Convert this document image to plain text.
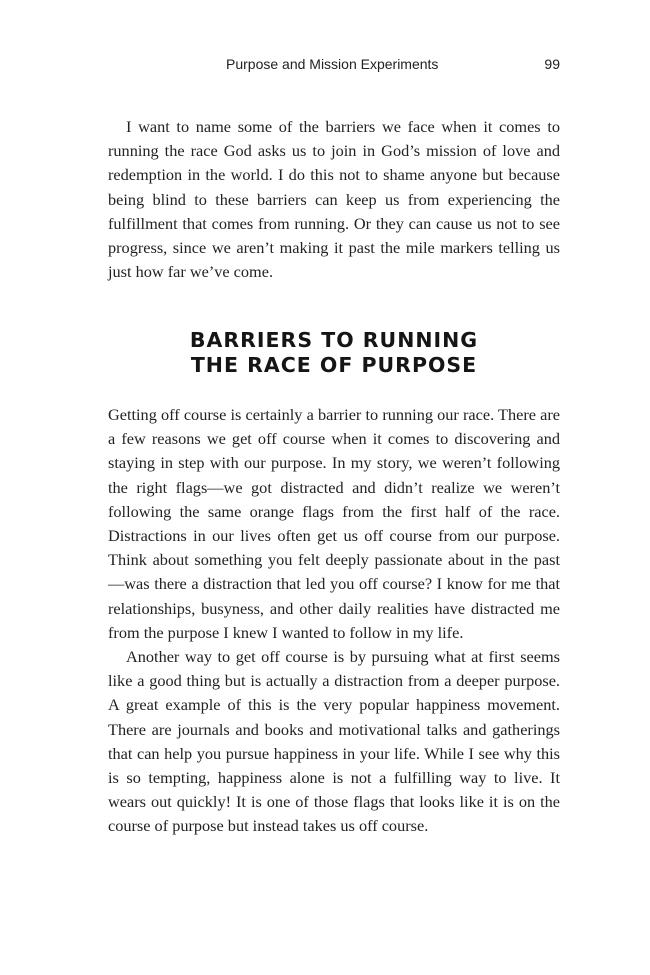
Purpose and Mission Experiments	99

I want to name some of the barriers we face when it comes to running the race God asks us to join in God’s mission of love and redemption in the world. I do this not to shame anyone but because being blind to these barriers can keep us from experiencing the fulfillment that comes from running. Or they can cause us not to see progress, since we aren’t making it past the mile markers telling us just how far we’ve come.

BARRIERS TO RUNNING
THE RACE OF PURPOSE

Getting off course is certainly a barrier to running our race. There are a few reasons we get off course when it comes to discovering and staying in step with our purpose. In my story, we weren’t following the right flags—we got distracted and didn’t realize we weren’t following the same orange flags from the first half of the race. Distractions in our lives often get us off course from our purpose. Think about something you felt deeply passionate about in the past—was there a distraction that led you off course? I know for me that relationships, busyness, and other daily realities have distracted me from the purpose I knew I wanted to follow in my life.

Another way to get off course is by pursuing what at first seems like a good thing but is actually a distraction from a deeper purpose. A great example of this is the very popular happiness movement. There are journals and books and motivational talks and gatherings that can help you pursue happiness in your life. While I see why this is so tempting, happiness alone is not a fulfilling way to live. It wears out quickly! It is one of those flags that looks like it is on the course of purpose but instead takes us off course.
